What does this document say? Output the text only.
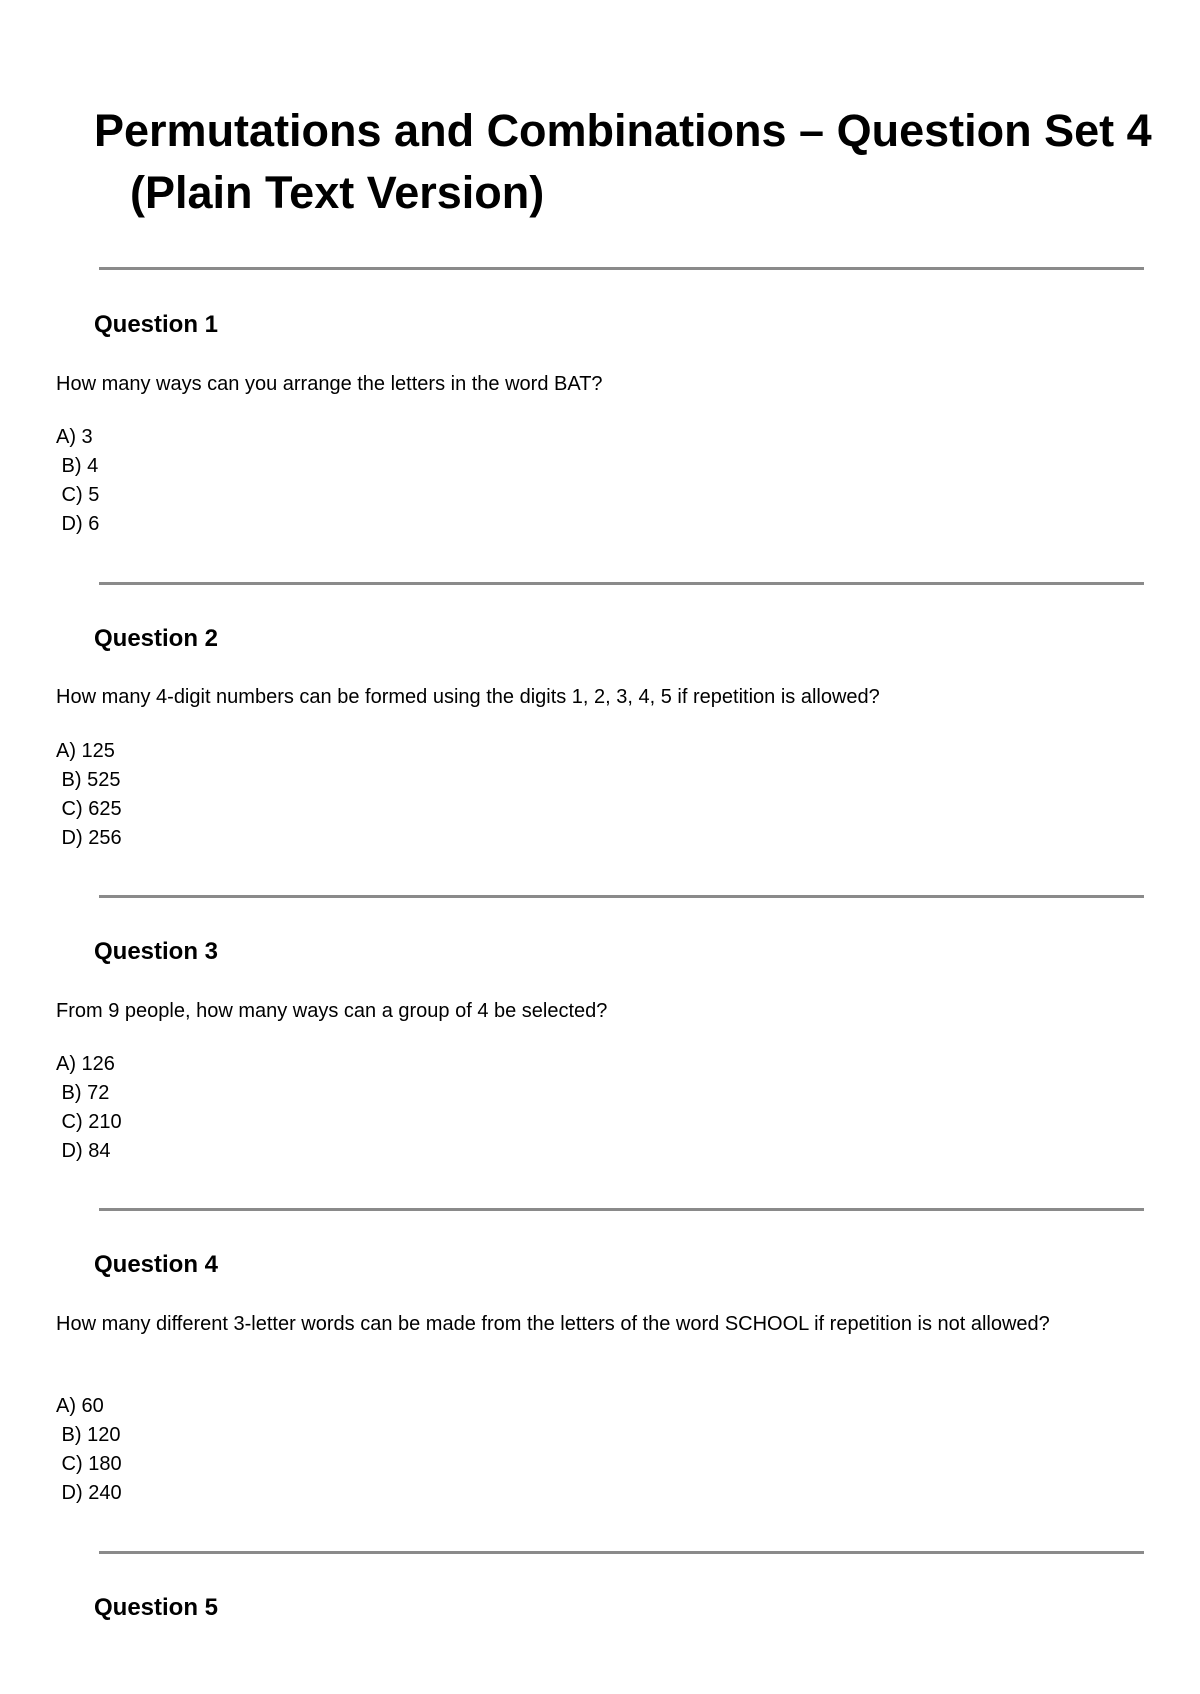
Permutations and Combinations – Question Set 4 (Plain Text Version)
Question 1

How many ways can you arrange the letters in the word BAT?

A) 3
B) 4
C) 5
D) 6
Question 2

How many 4-digit numbers can be formed using the digits 1, 2, 3, 4, 5 if repetition is allowed?

A) 125
B) 525
C) 625
D) 256
Question 3

From 9 people, how many ways can a group of 4 be selected?

A) 126
B) 72
C) 210
D) 84
Question 4

How many different 3-letter words can be made from the letters of the word SCHOOL if repetition is not allowed?

A) 60
B) 120
C) 180
D) 240
Question 5
